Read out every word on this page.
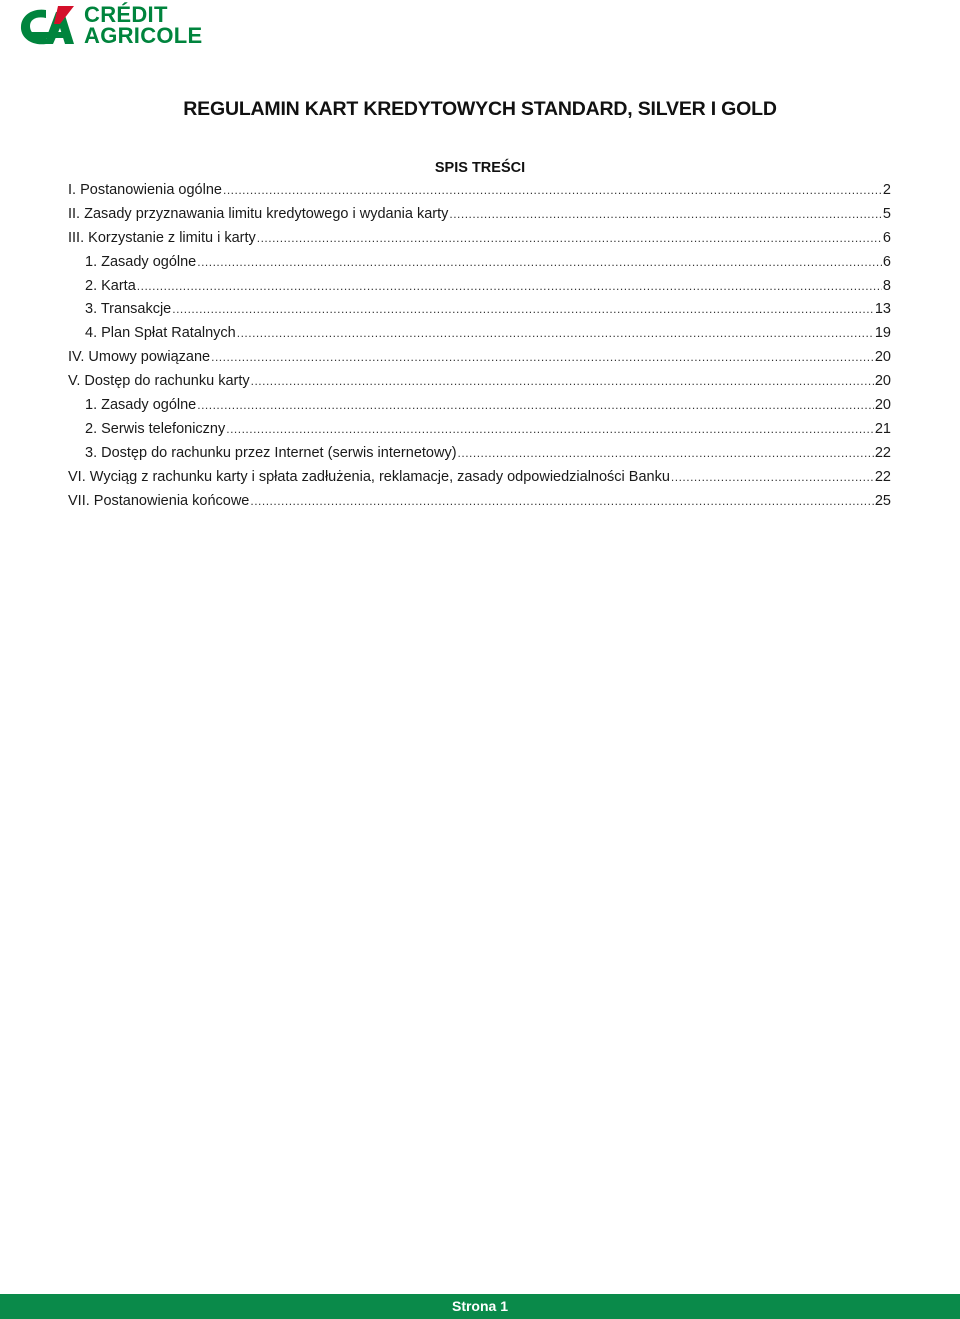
CRÉDIT
AGRICOLE
REGULAMIN KART KREDYTOWYCH STANDARD, SILVER I GOLD
SPIS TREŚCI
I. Postanowienia ogólne .....	2
II. Zasady przyznawania limitu kredytowego i wydania karty .....	5
III. Korzystanie z limitu i karty .....	6
1. Zasady ogólne .....	6
2. Karta .....	8
3. Transakcje .....	13
4. Plan Spłat Ratalnych .....	19
IV. Umowy powiązane .....	20
V. Dostęp do rachunku karty .....	20
1. Zasady ogólne .....	20
2. Serwis telefoniczny .....	21
3. Dostęp do rachunku przez Internet (serwis internetowy) .....	22
VI. Wyciąg z rachunku karty i spłata zadłużenia, reklamacje, zasady odpowiedzialności Banku .....	22
VII. Postanowienia końcowe .....	25
Strona 1
